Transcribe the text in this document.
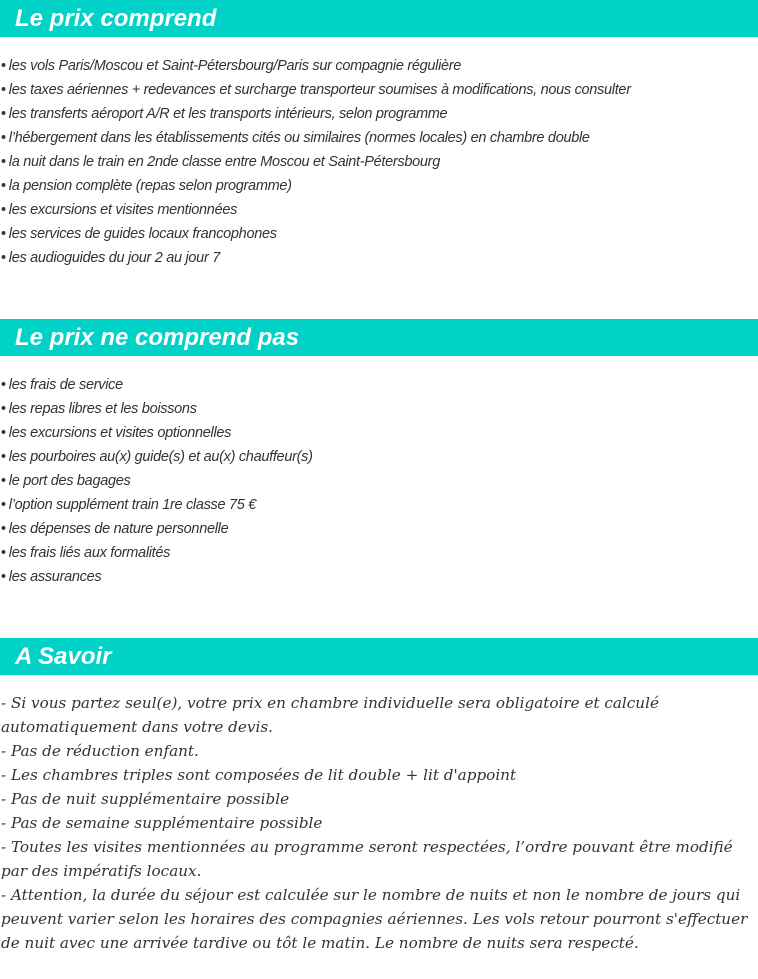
Le prix comprend
• les vols Paris/Moscou et Saint-Pétersbourg/Paris sur compagnie régulière
• les taxes aériennes + redevances et surcharge transporteur soumises à modifications, nous consulter
• les transferts aéroport A/R et les transports intérieurs, selon programme
• l’hébergement dans les établissements cités ou similaires (normes locales) en chambre double
• la nuit dans le train en 2nde classe entre Moscou et Saint-Pétersbourg
• la pension complète (repas selon programme)
• les excursions et visites mentionnées
• les services de guides locaux francophones
• les audioguides du jour 2 au jour 7
Le prix ne comprend pas
• les frais de service
• les repas libres et les boissons
• les excursions et visites optionnelles
• les pourboires au(x) guide(s) et au(x) chauffeur(s)
• le port des bagages
• l’option supplément train 1re classe 75 €
• les dépenses de nature personnelle
• les frais liés aux formalités
• les assurances
A Savoir
- Si vous partez seul(e), votre prix en chambre individuelle sera obligatoire et calculé automatiquement dans votre devis.
- Pas de réduction enfant.
- Les chambres triples sont composées de lit double + lit d'appoint
- Pas de nuit supplémentaire possible
- Pas de semaine supplémentaire possible
- Toutes les visites mentionnées au programme seront respectées, l’ordre pouvant être modifié par des impératifs locaux.
- Attention, la durée du séjour est calculée sur le nombre de nuits et non le nombre de jours qui peuvent varier selon les horaires des compagnies aériennes. Les vols retour pourront s'effectuer de nuit avec une arrivée tardive ou tôt le matin. Le nombre de nuits sera respecté.
